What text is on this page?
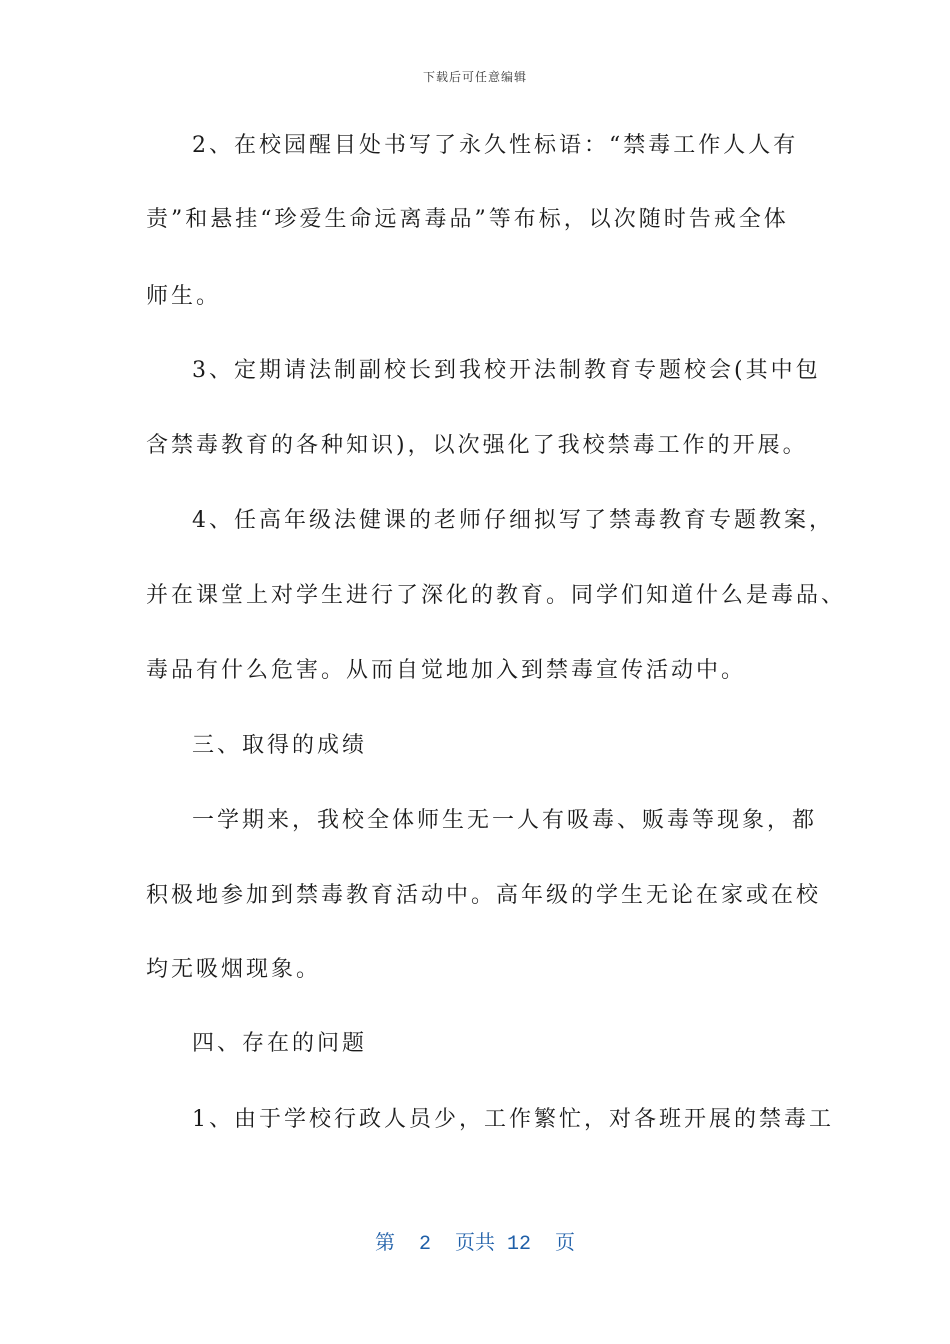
下载后可任意编辑
2、在校园醒目处书写了永久性标语：“禁毒工作人人有
责”和悬挂“珍爱生命远离毒品”等布标，以次随时告戒全体
师生。
3、定期请法制副校长到我校开法制教育专题校会(其中包
含禁毒教育的各种知识)，以次强化了我校禁毒工作的开展。
4、任高年级法健课的老师仔细拟写了禁毒教育专题教案，
并在课堂上对学生进行了深化的教育。同学们知道什么是毒品、
毒品有什么危害。从而自觉地加入到禁毒宣传活动中。
三、取得的成绩
一学期来，我校全体师生无一人有吸毒、贩毒等现象，都
积极地参加到禁毒教育活动中。高年级的学生无论在家或在校
均无吸烟现象。
四、存在的问题
1、由于学校行政人员少，工作繁忙，对各班开展的禁毒工
第  2  页共 12  页
